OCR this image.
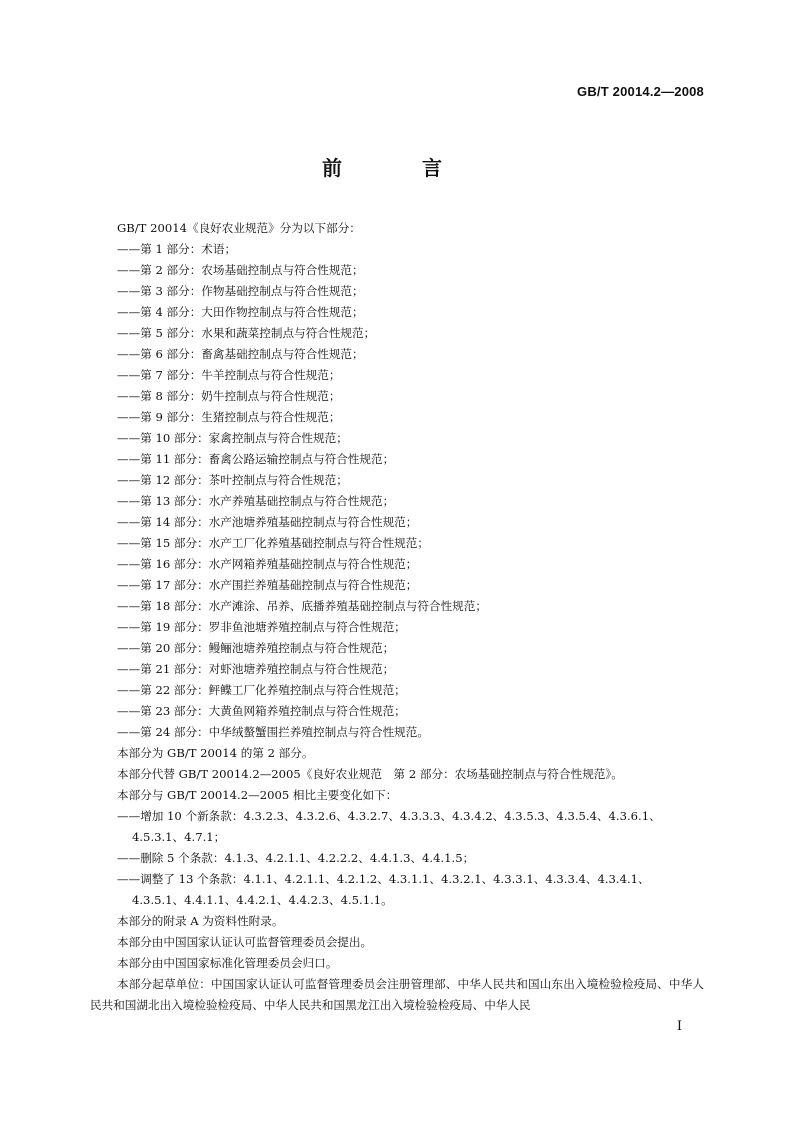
GB/T 20014.2—2008
前　言
GB/T 20014《良好农业规范》分为以下部分：
——第 1 部分：术语；
——第 2 部分：农场基础控制点与符合性规范；
——第 3 部分：作物基础控制点与符合性规范；
——第 4 部分：大田作物控制点与符合性规范；
——第 5 部分：水果和蔬菜控制点与符合性规范；
——第 6 部分：畜禽基础控制点与符合性规范；
——第 7 部分：牛羊控制点与符合性规范；
——第 8 部分：奶牛控制点与符合性规范；
——第 9 部分：生猪控制点与符合性规范；
——第 10 部分：家禽控制点与符合性规范；
——第 11 部分：畜禽公路运输控制点与符合性规范；
——第 12 部分：茶叶控制点与符合性规范；
——第 13 部分：水产养殖基础控制点与符合性规范；
——第 14 部分：水产池塘养殖基础控制点与符合性规范；
——第 15 部分：水产工厂化养殖基础控制点与符合性规范；
——第 16 部分：水产网箱养殖基础控制点与符合性规范；
——第 17 部分：水产围拦养殖基础控制点与符合性规范；
——第 18 部分：水产滩涂、吊养、底播养殖基础控制点与符合性规范；
——第 19 部分：罗非鱼池塘养殖控制点与符合性规范；
——第 20 部分：鳗鲡池塘养殖控制点与符合性规范；
——第 21 部分：对虾池塘养殖控制点与符合性规范；
——第 22 部分：鲆鲽工厂化养殖控制点与符合性规范；
——第 23 部分：大黄鱼网箱养殖控制点与符合性规范；
——第 24 部分：中华绒螯蟹围拦养殖控制点与符合性规范。
本部分为 GB/T 20014 的第 2 部分。
本部分代替 GB/T 20014.2—2005《良好农业规范　第 2 部分：农场基础控制点与符合性规范》。
本部分与 GB/T 20014.2—2005 相比主要变化如下：
——增加 10 个新条款：4.3.2.3、4.3.2.6、4.3.2.7、4.3.3.3、4.3.4.2、4.3.5.3、4.3.5.4、4.3.6.1、
4.5.3.1、4.7.1；
——删除 5 个条款：4.1.3、4.2.1.1、4.2.2.2、4.4.1.3、4.4.1.5；
——调整了 13 个条款：4.1.1、4.2.1.1、4.2.1.2、4.3.1.1、4.3.2.1、4.3.3.1、4.3.3.4、4.3.4.1、
4.3.5.1、4.4.1.1、4.4.2.1、4.4.2.3、4.5.1.1。
本部分的附录 A 为资料性附录。
本部分由中国国家认证认可监督管理委员会提出。
本部分由中国国家标准化管理委员会归口。
本部分起草单位：中国国家认证认可监督管理委员会注册管理部、中华人民共和国山东出入境检验检疫局、中华人民共和国湖北出入境检验检疫局、中华人民共和国黑龙江出入境检验检疫局、中华人民
I
